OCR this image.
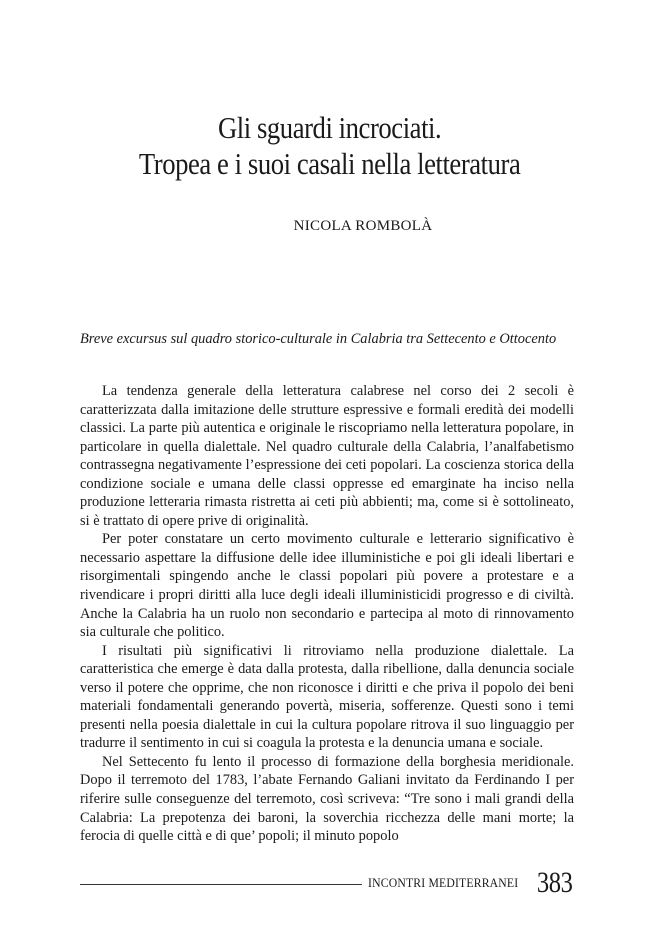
Gli sguardi incrociati.
Tropea e i suoi casali nella letteratura
NICOLA ROMBOLÀ
Breve excursus sul quadro storico-culturale in Calabria tra Settecento e Ottocento

La tendenza generale della letteratura calabrese nel corso dei 2 secoli è caratterizzata dalla imitazione delle strutture espressive e formali eredità dei modelli classici. La parte più autentica e originale le riscopriamo nella letteratura popolare, in particolare in quella dialettale. Nel quadro culturale della Calabria, l’analfabetismo contrassegna negativamente l’espressione dei ceti popolari. La coscienza storica della condizione sociale e umana delle classi oppresse ed emarginate ha inciso nella produzione letteraria rimasta ristretta ai ceti più abbienti; ma, come si è sottolineato, si è trattato di opere prive di originalità.

Per poter constatare un certo movimento culturale e letterario significativo è necessario aspettare la diffusione delle idee illuministiche e poi gli ideali libertari e risorgimentali spingendo anche le classi popolari più povere a protestare e a rivendicare i propri diritti alla luce degli ideali illuministicidi progresso e di civiltà. Anche la Calabria ha un ruolo non secondario e partecipa al moto di rinnovamento sia culturale che politico.

I risultati più significativi li ritroviamo nella produzione dialettale. La caratteristica che emerge è data dalla protesta, dalla ribellione, dalla denuncia sociale verso il potere che opprime, che non riconosce i diritti e che priva il popolo dei beni materiali fondamentali generando povertà, miseria, sofferenze. Questi sono i temi presenti nella poesia dialettale in cui la cultura popolare ritrova il suo linguaggio per tradurre il sentimento in cui si coagula la protesta e la denuncia umana e sociale.

Nel Settecento fu lento il processo di formazione della borghesia meridionale. Dopo il terremoto del 1783, l’abate Fernando Galiani invitato da Ferdinando I per riferire sulle conseguenze del terremoto, così scriveva: “Tre sono i mali grandi della Calabria: La prepotenza dei baroni, la soverchia ricchezza delle mani morte; la ferocia di quelle città e di que’ popoli; il minuto popolo

INCONTRI MEDITERRANEI 383
